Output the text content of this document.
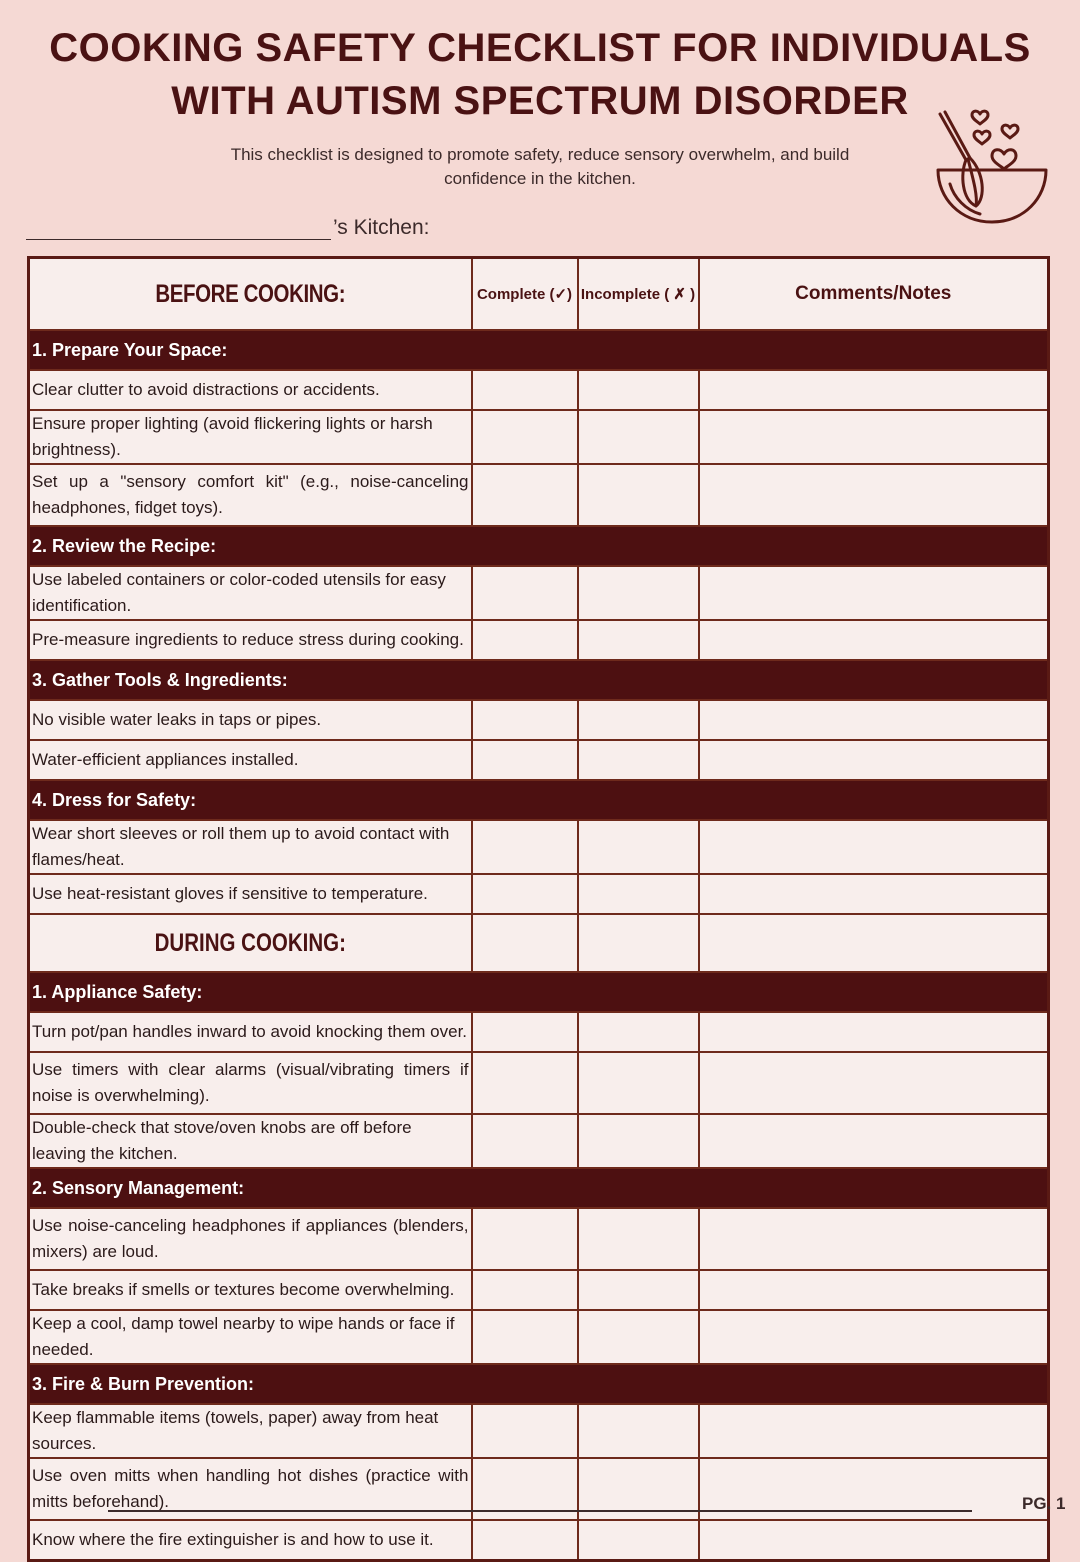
COOKING SAFETY CHECKLIST FOR INDIVIDUALS
WITH AUTISM SPECTRUM DISORDER

This checklist is designed to promote safety, reduce sensory overwhelm, and build
confidence in the kitchen.

’s Kitchen:
BEFORE COOKING:	Complete (✓)	Incomplete ( ✗ )	Comments/Notes
1. Prepare Your Space:			
Clear clutter to avoid distractions or accidents.			
Ensure proper lighting (avoid flickering lights or harsh brightness).			
Set up a "sensory comfort kit" (e.g., noise-canceling headphones, fidget toys).			
2. Review the Recipe:			
Use labeled containers or color-coded utensils for easy identification.			
Pre-measure ingredients to reduce stress during cooking.			
3. Gather Tools & Ingredients:			
No visible water leaks in taps or pipes.			
Water-efficient appliances installed.			
4. Dress for Safety:			
Wear short sleeves or roll them up to avoid contact with flames/heat.			
Use heat-resistant gloves if sensitive to temperature.			

DURING COOKING:			

1. Appliance Safety:			
Turn pot/pan handles inward to avoid knocking them over.			
Use timers with clear alarms (visual/vibrating timers if noise is overwhelming).			
Double-check that stove/oven knobs are off before leaving the kitchen.			
2. Sensory Management:			
Use noise-canceling headphones if appliances (blenders, mixers) are loud.			
Take breaks if smells or textures become overwhelming.			
Keep a cool, damp towel nearby to wipe hands or face if needed.			
3. Fire & Burn Prevention:			
Keep flammable items (towels, paper) away from heat sources.			
Use oven mitts when handling hot dishes (practice with mitts beforehand).			
Know where the fire extinguisher is and how to use it.			
PG. 1
